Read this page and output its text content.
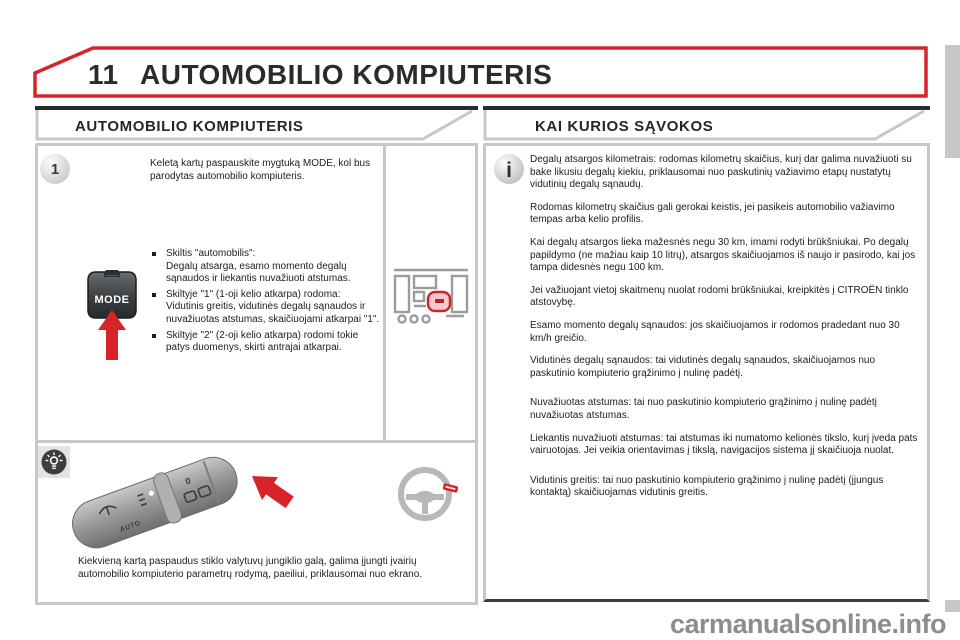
11 AUTOMOBILIO KOMPIUTERIS
AUTOMOBILIO KOMPIUTERIS	KAI KURIOS SĄVOKOS
1	Keletą kartų paspauskite mygtuką MODE, kol bus parodytas automobilio kompiuteris.
MODE
Skiltis "automobilis":
Degalų atsarga, esamo momento degalų sąnaudos ir liekantis nuvažiuoti atstumas.
Skiltyje "1" (1-oji kelio atkarpa) rodoma:
Vidutinis greitis, vidutinės degalų sąnaudos ir nuvažiuotas atstumas, skaičiuojami atkarpai "1".
Skiltyje "2" (2-oji kelio atkarpa) rodomi tokie patys duomenys, skirti antrajai atkarpai.
0
AUTO
Kiekvieną kartą paspaudus stiklo valytuvų jungiklio galą, galima įjungti įvairių automobilio kompiuterio parametrų rodymą, paeiliui, priklausomai nuo ekrano.
i Degalų atsargos kilometrais: rodomas kilometrų skaičius, kurį dar galima nuvažiuoti su bake likusiu degalų kiekiu, priklausomai nuo paskutinių važiavimo etapų nustatytų vidutinių degalų sąnaudų.

Rodomas kilometrų skaičius gali gerokai keistis, jei pasikeis automobilio važiavimo tempas arba kelio profilis.

Kai degalų atsargos lieka mažesnės negu 30 km, imami rodyti brūkšniukai. Po degalų papildymo (ne mažiau kaip 10 litrų), atsargos skaičiuojamos iš naujo ir pasirodo, kai jos tampa didesnės negu 100 km.

Jei važiuojant vietoj skaitmenų nuolat rodomi brūkšniukai, kreipkitės į CITROËN tinklo atstovybę.

Esamo momento degalų sąnaudos: jos skaičiuojamos ir rodomos pradedant nuo 30 km/h greičio.

Vidutinės degalų sąnaudos: tai vidutinės degalų sąnaudos, skaičiuojamos nuo paskutinio kompiuterio grąžinimo į nulinę padėtį.

Nuvažiuotas atstumas: tai nuo paskutinio kompiuterio grąžinimo į nulinę padėtį nuvažiuotas atstumas.

Liekantis nuvažiuoti atstumas: tai atstumas iki numatomo kelionės tikslo, kurį įveda pats vairuotojas. Jei veikia orientavimas į tikslą, navigacijos sistema jį skaičiuoja nuolat.

Vidutinis greitis: tai nuo paskutinio kompiuterio grąžinimo į nulinę padėtį (įjungus kontaktą) skaičiuojamas vidutinis greitis.

carmanualsonline.info
